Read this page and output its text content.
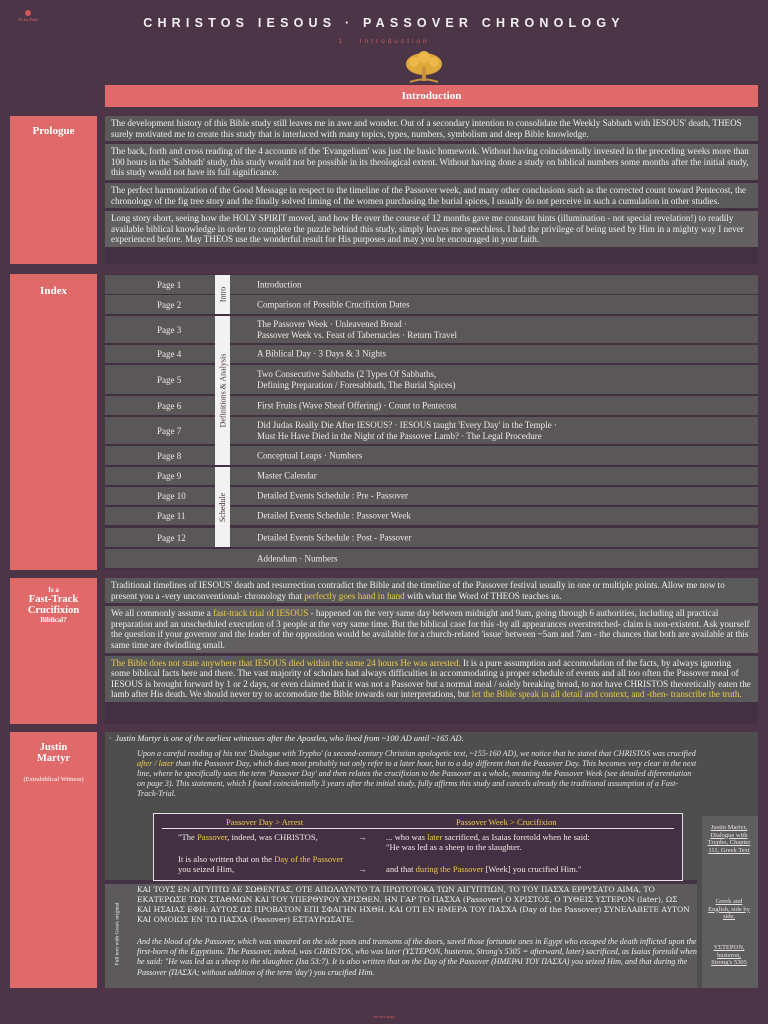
Fit for Faith	CHRISTOS IESOUS · PASSOVER CHRONOLOGY
1 · Introduction
Introduction
Prologue

The development history of this Bible study still leaves me in awe and wonder. Out of a secondary intention to consolidate the Weekly Sabbath with IESOUS' death, THEOS surely motivated me to create this study that is interlaced with many topics, types, numbers, symbolism and deep Bible knowledge.

The back, forth and cross reading of the 4 accounts of the 'Evangelium' was just the basic homework. Without having coincidentally invested in the preceding weeks more than 100 hours in the 'Sabbath' study, this study would not be possible in its theological extent. Without having done a study on biblical numbers some months after the initial study, this study would not have its full significance.

The perfect harmonization of the Good Message in respect to the timeline of the Passover week, and many other conclusions such as the corrected count toward Pentecost, the chronology of the fig tree story and the finally solved timing of the women purchasing the burial spices, I usually do not perceive in such a cumulation in other studies.

Long story short, seeing how the HOLY SPIRIT moved, and how He over the course of 12 months gave me constant hints (illumination - not special revelation!) to readily available biblical knowledge in order to complete the puzzle behind this study, simply leaves me speechless. I had the privilege of being used by Him in a mighty way I never experienced before. May THEOS use the wonderful result for His purposes and may you be encouraged in your faith.

Index
Page 1	Introduction
Page 2	Comparison of Possible Crucifixion Dates
Page 3
The Passover Week · Unleavened Bread ·
Passover Week vs. Feast of Tabernacles · Return Travel
Page 4	A Biblical Day · 3 Days & 3 Nights
Page 5
Two Consecutive Sabbaths (2 Types Of Sabbaths,
Defining Preparation / Foresabbath, The Burial Spices)
Page 6	First Fruits (Wave Sheaf Offering) · Count to Pentecost
Page 7
Did Judas Really Die After IESOUS? · IESOUS taught 'Every Day' in the Temple ·
Must He Have Died in the Night of the Passover Lamb? · The Legal Procedure
Page 8	Conceptual Leaps · Numbers
Page 9	Master Calendar
Page 10	Detailed Events Schedule : Pre - Passover
Page 11	Detailed Events Schedule : Passover Week
Page 12	Detailed Events Schedule : Post - Passover
Addendum · Numbers
Intro
Definitions & Analysis
Schedule
Is a
Fast-Track Crucifixion
Biblical?

Traditional timelines of IESOUS' death and resurrection contradict the Bible and the timeline of the Passover festival usually in one or multiple points. Allow me now to present you a -very unconventional- chronology that perfectly goes hand in hand with what the Word of THEOS teaches us.

We all commonly assume a fast-track trial of IESOUS - happened on the very same day between midnight and 9am, going through 6 authorities, including all practical preparation and an unscheduled execution of 3 people at the very same time. But the biblical case for this -by all appearances overstretched- claim is non-existent. Ask yourself the question if your governor and the leader of the opposition would be available for a church-related 'issue' between ~5am and 7am - the chances that both are available at this same time are dwindling small.

The Bible does not state anywhere that IESOUS died within the same 24 hours He was arrested. It is a pure assumption and accomodation of the facts, by always ignoring some biblical facts here and there. The vast majority of scholars had always difficulties in accommodating a proper schedule of events and all too often the Passover meal of IESOUS is brought forward by 1 or 2 days, or even claimed that it was not a Passover but a normal meal / solely breaking bread, to not have CHRISTOS theoretically eaten the lamb after His death. We should never try to accomodate the Bible towards our interpretations, but let the Bible speak in all detail and context, and -then- transcribe the truth.

Justin Martyr
(Extrabiblical Witness)
·  Justin Martyr is one of the earliest witnesses after the Apostles, who lived from ~100 AD until ~165 AD.
Upon a careful reading of his text 'Dialogue with Trypho' (a second-century Christian apologetic text, ~155-160 AD), we notice that he stated that CHRISTOS was crucified after / later than the Passover Day, which does most probably not only refer to a later hour, but to a day different than the Passover Day. This becomes very clear in the next line, where he specifically uses the term 'Passover Day' and then relates the crucifixion to the Passover as a whole, meaning the Passover Week (see detailed diferentiation on page 3). This statement, which I found coincidentally 3 years after the initial study, fully affirms this study and cancels already the traditional assumption of a Fast-Track-Trial.
Full text with Greek original
ΚΑΙ ΤΟΥΣ ΕΝ ΑΙΓΥΠΤΩ ΔΕ ΣΩΘΕΝΤΑΣ, ΟΤΕ ΑΠΩΛΛΥΝΤΟ ΤΑ ΠΡΩΤΟΤΟΚΑ ΤΩΝ ΑΙΓΥΠΤΙΩΝ, ΤΟ ΤΟΥ ΠΑΣΧΑ ΕΡΡΥΣΑΤΟ ΑΙΜΑ, ΤΟ ΕΚΑΤΕΡΩΣΕ ΤΩΝ ΣΤΑΘΜΩΝ ΚΑΙ ΤΟΥ ΥΠΕΡΘΥΡΟΥ ΧΡΙΣΘΕΝ. ΗΝ ΓΑΡ ΤΟ ΠΑΣΧΑ (Passover) Ο ΧΡΙΣΤΟΣ, Ο ΤΥΘΕΙΣ ΥΣΤΕΡΟΝ (later), ΩΣ ΚΑΙ ΗΣΑΙΑΣ ΕΦΗ: ΑΥΤΟΣ ΩΣ ΠΡΟΒΑΤΟΝ ΕΠΙ ΣΦΑΓΗΝ ΗΧΘΗ. ΚΑΙ ΟΤΙ ΕΝ ΗΜΕΡΑ ΤΟΥ ΠΑΣΧΑ (Day of the Passover) ΣΥΝΕΛΑΒΕΤΕ ΑΥΤΟΝ ΚΑΙ ΟΜΟΙΩΣ ΕΝ ΤΩ ΠΑΣΧΑ (Passover) ΕΣΤΑΥΡΩΣΑΤΕ.
And the blood of the Passover, which was smeared on the side posts and transoms of the doors, saved those fortunate ones in Egypt who escaped the death inflicted upon the first-born of the Egyptians. The Passover, indeed, was CHRISTOS, who was later (ΥΣΤΕΡΟΝ, husteron, Strong's 5305 = afterward, later) sacrificed, as Isaias foretold when he said: "He was led as a sheep to the slaughter. (Isa 53:7). It is also written that on the Day of the Passover (ΗΜΕΡΑΙ ΤΟΥ ΠΑΣΧΑ) you seized Him, and that during the Passover (ΠΑΣΧΑ; without addition of the term 'day') you crucified Him.
Passover Day > Arrest	Passover Week > Crucifixion
"The Passover, indeed, was CHRISTOS,	→ ... who was later sacrificed, as Isaias foretold when he said:
"He was led as a sheep to the slaughter.
It is also written that on the Day of the Passover you seized Him,	→ and that during the Passover [Week] you crucified Him."
Justin Martyr, Dialogue with Trypho, Chapter 111, Greek Text
Greek and English, side by side.
ΥΣΤΕΡΟΝ, husteron, Strong's 5305
see next page
